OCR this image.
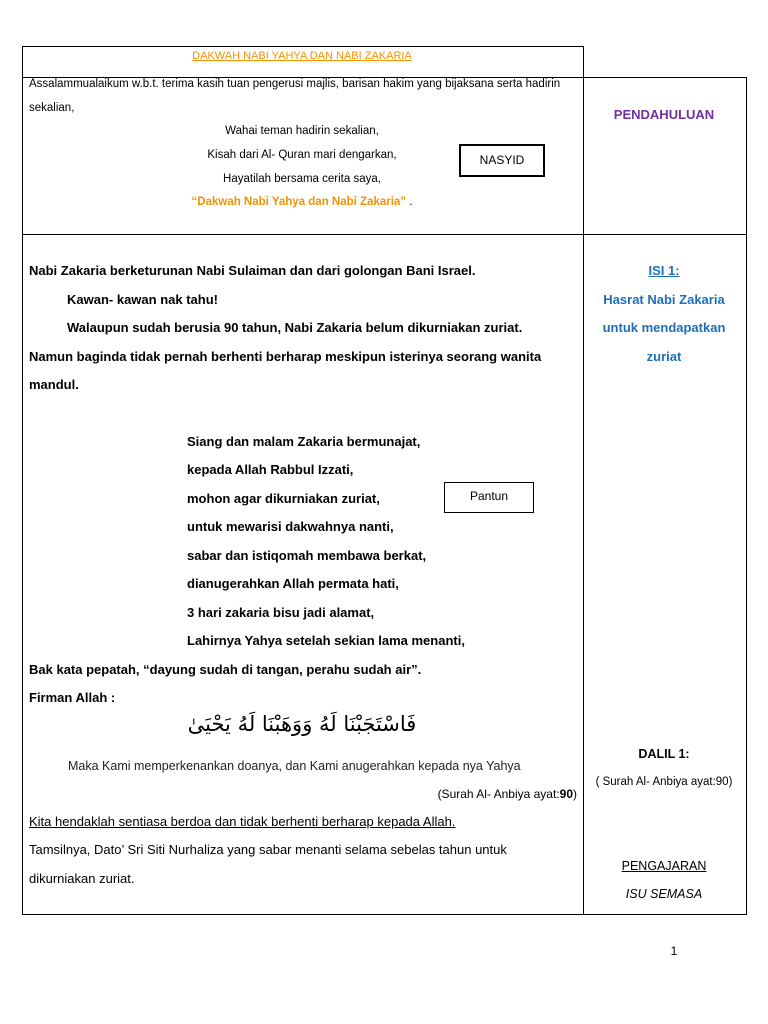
DAKWAH NABI YAHYA DAN NABI ZAKARIA
Assalammualaikum w.b.t. terima kasih tuan pengerusi majlis, barisan hakim yang bijaksana serta hadirin
sekalian,
Wahai teman hadirin sekalian,
Kisah dari Al- Quran mari dengarkan,
Hayatilah bersama cerita saya,
“Dakwah Nabi Yahya dan Nabi Zakaria” .
NASYID
PENDAHULUAN
Nabi Zakaria berketurunan Nabi Sulaiman dan dari golongan Bani Israel.
Kawan- kawan nak tahu!
Walaupun sudah berusia 90 tahun, Nabi Zakaria belum dikurniakan zuriat.
Namun baginda tidak pernah berhenti berharap meskipun isterinya seorang wanita
mandul.
Siang dan malam Zakaria bermunajat,
kepada Allah Rabbul Izzati,
mohon agar dikurniakan zuriat,
untuk mewarisi dakwahnya nanti,
sabar dan istiqomah membawa berkat,
dianugerahkan Allah permata hati,
3 hari zakaria bisu jadi alamat,
Lahirnya Yahya setelah sekian lama menanti,
Pantun
Bak kata pepatah, “dayung sudah di tangan, perahu sudah air”.
Firman Allah :
فَاسْتَجَبْنَا لَهُ وَوَهَبْنَا لَهُ يَحْيَىٰ
Maka Kami memperkenankan doanya, dan Kami anugerahkan kepada nya Yahya
(Surah Al- Anbiya ayat:90)
Kita hendaklah sentiasa berdoa dan tidak berhenti berharap kepada Allah.
Tamsilnya, Dato’ Sri Siti Nurhaliza yang sabar menanti selama sebelas tahun untuk
dikurniakan zuriat.
ISI 1:
Hasrat Nabi Zakaria
untuk mendapatkan
zuriat
DALIL 1:
( Surah Al- Anbiya ayat:90)
PENGAJARAN
ISU SEMASA
1
